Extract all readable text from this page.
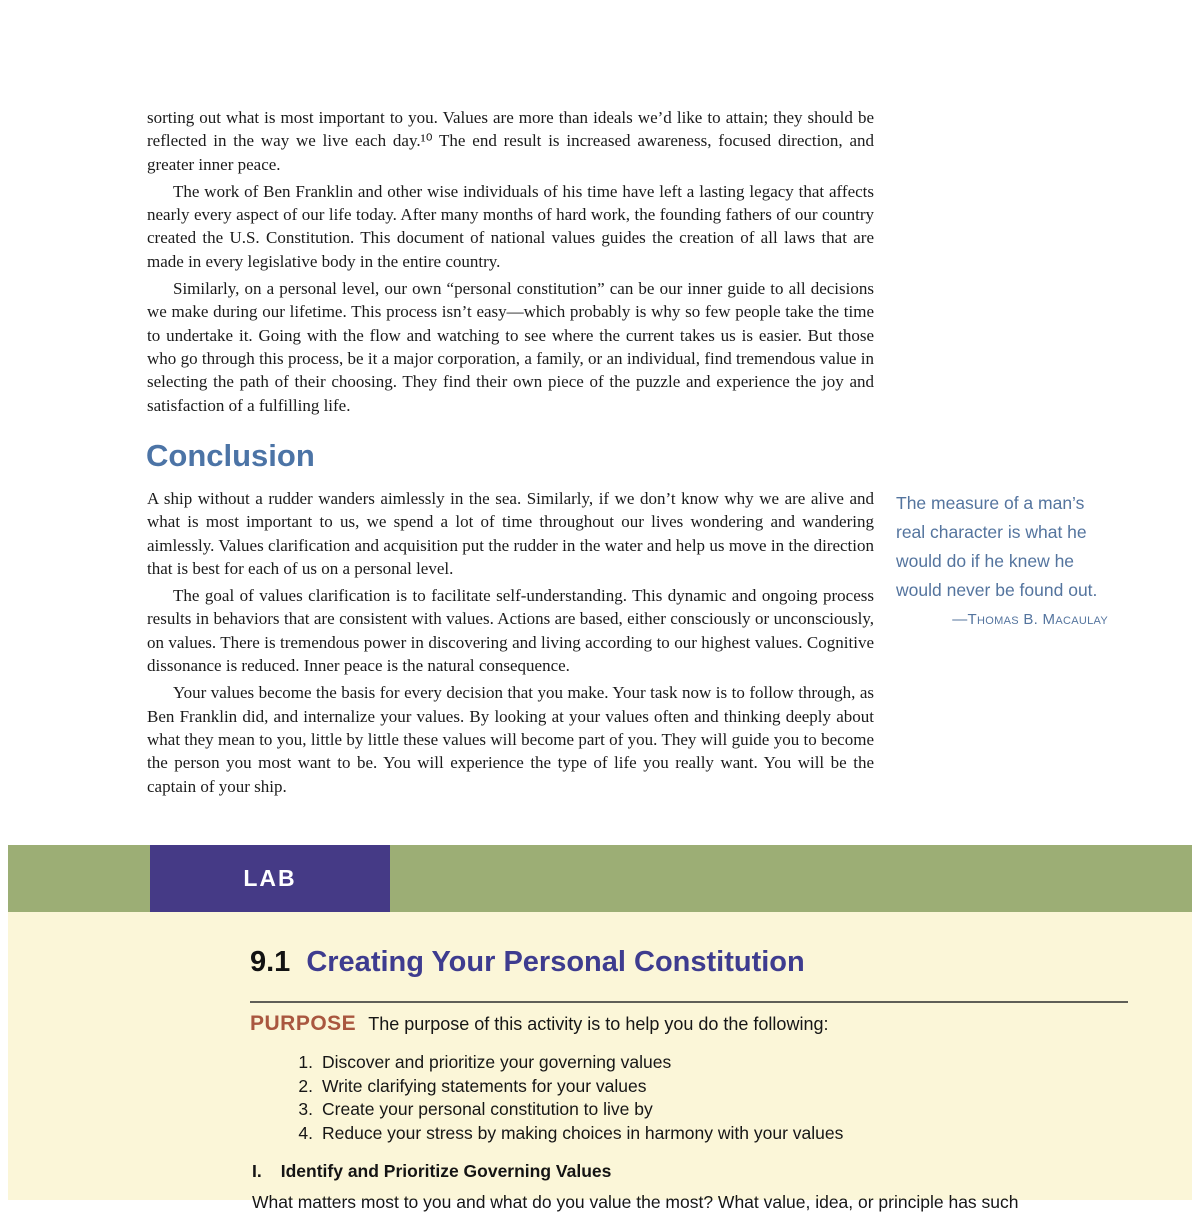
sorting out what is most important to you. Values are more than ideals we’d like to attain; they should be reflected in the way we live each day.¹⁰ The end result is increased awareness, focused direction, and greater inner peace.

The work of Ben Franklin and other wise individuals of his time have left a lasting legacy that affects nearly every aspect of our life today. After many months of hard work, the founding fathers of our country created the U.S. Constitution. This document of national values guides the creation of all laws that are made in every legislative body in the entire country.

Similarly, on a personal level, our own “personal constitution” can be our inner guide to all decisions we make during our lifetime. This process isn’t easy—which probably is why so few people take the time to undertake it. Going with the flow and watching to see where the current takes us is easier. But those who go through this process, be it a major corporation, a family, or an individual, find tremendous value in selecting the path of their choosing. They find their own piece of the puzzle and experience the joy and satisfaction of a fulfilling life.

Conclusion

A ship without a rudder wanders aimlessly in the sea. Similarly, if we don’t know why we are alive and what is most important to us, we spend a lot of time throughout our lives wondering and wandering aimlessly. Values clarification and acquisition put the rudder in the water and help us move in the direction that is best for each of us on a personal level.

The goal of values clarification is to facilitate self-understanding. This dynamic and ongoing process results in behaviors that are consistent with values. Actions are based, either consciously or unconsciously, on values. There is tremendous power in discovering and living according to our highest values. Cognitive dissonance is reduced. Inner peace is the natural consequence.

Your values become the basis for every decision that you make. Your task now is to follow through, as Ben Franklin did, and internalize your values. By looking at your values often and thinking deeply about what they mean to you, little by little these values will become part of you. They will guide you to become the person you most want to be. You will experience the type of life you really want. You will be the captain of your ship.

The measure of a man’s real character is what he would do if he knew he would never be found out.

—Thomas B. Macaulay

LAB
9.1 Creating Your Personal Constitution
PURPOSE The purpose of this activity is to help you do the following:
1. Discover and prioritize your governing values
2. Write clarifying statements for your values
3. Create your personal constitution to live by
4. Reduce your stress by making choices in harmony with your values
I. Identify and Prioritize Governing Values
What matters most to you and what do you value the most? What value, idea, or principle has such
